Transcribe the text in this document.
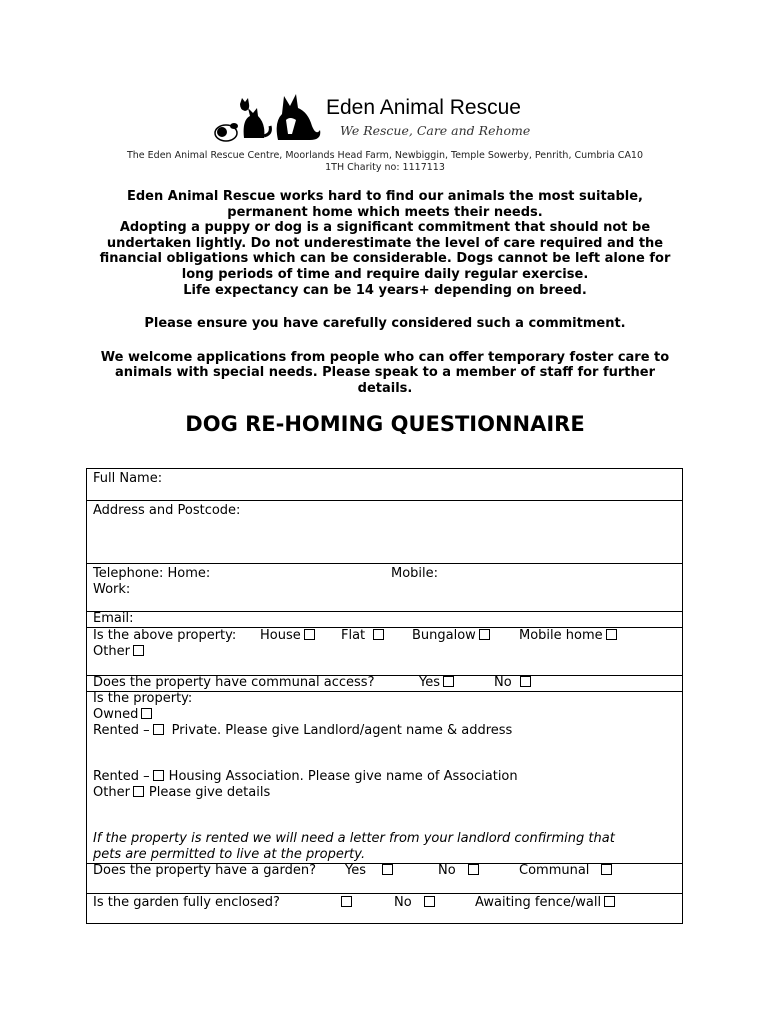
Eden Animal Rescue
We Rescue, Care and Rehome
The Eden Animal Rescue Centre, Moorlands Head Farm, Newbiggin, Temple Sowerby, Penrith, Cumbria CA10
1TH Charity no: 1117113

Eden Animal Rescue works hard to find our animals the most suitable, permanent home which meets their needs.

Adopting a puppy or dog is a significant commitment that should not be undertaken lightly. Do not underestimate the level of care required and the financial obligations which can be considerable. Dogs cannot be left alone for long periods of time and require daily regular exercise.

Life expectancy can be 14 years+ depending on breed.

Please ensure you have carefully considered such a commitment.

We welcome applications from people who can offer temporary foster care to animals with special needs. Please speak to a member of staff for further details.

DOG RE-HOMING QUESTIONNAIRE
Full Name:
Address and Postcode:
Telephone: Home:	Mobile:
Work:
Email:
Is the above property: House	Flat	Bungalow	Mobile home
Other
Does the property have communal access?	Yes	No
Is the property:
Owned
Rented – Private. Please give Landlord/agent name & address
Rented – Housing Association. Please give name of Association
Other Please give details
If the property is rented we will need a letter from your landlord confirming that
pets are permitted to live at the property.
Does the property have a garden? Yes	No	Communal
Is the garden fully enclosed?	No	Awaiting fence/wall
